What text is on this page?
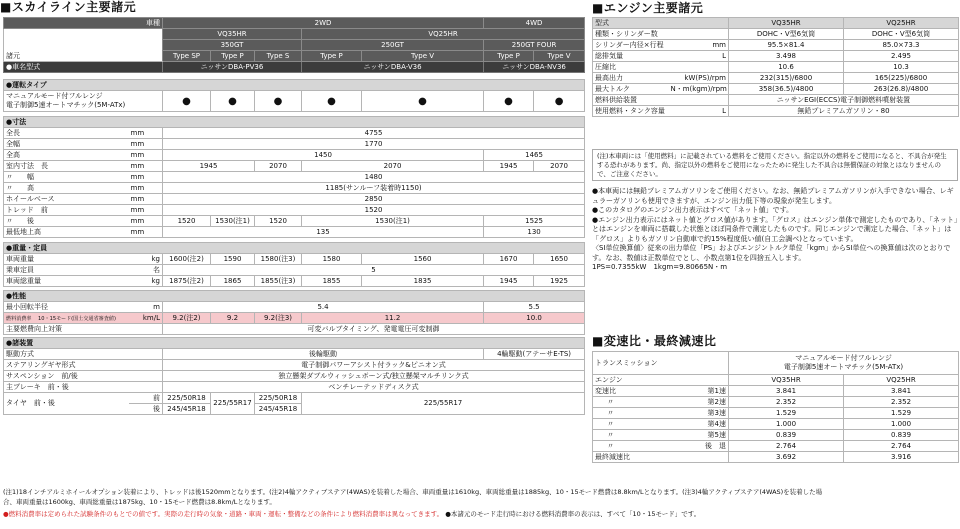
■スカイライン主要諸元
車種		2WD					4WD	
諸元		VQ35HR			VQ25HR			
		350GT			250GT		250GT FOUR	
		Type SP	Type P	Type S	Type P	Type V	Type P	Type V
●車名型式		ニッサンDBA-PV36			ニッサンDBA-V36		ニッサンDBA-NV36	

●運転タイプ								

マニュアルモード付フルレンジ
電子制御5速オートマチック(5M-ATx)		●	●	●	●	●	●	●

●寸法								
全長	mm	4755						
全幅	mm	1770						
全高	mm	1450					1465	
室内寸法　長	mm	1945		2070	2070		1945	2070
〃　　幅	mm	1480						
〃　　高	mm	1185(サンルーフ装着時1150)						
ホイールベース	mm	2850						
トレッド　前	mm	1520						
〃　　後	mm	1520	1530(注1)	1520	1530(注1)		1525	
最低地上高	mm	135					130	

●重量・定員								
車両重量	kg	1600(注2)	1590	1580(注3)	1580	1560	1670	1650
乗車定員	名	5						
車両総重量	kg	1875(注2)	1865	1855(注3)	1855	1835	1945	1925

●性能								
最小回転半径	m	5.4					5.5	
燃料消費率 10・15モード(国土交通省審査値)	km/L	9.2(注2)	9.2	9.2(注3)	11.2		10.0	
主要燃費向上対策		可変バルブタイミング、発電電圧可変制御						

●諸装置								
駆動方式		後輪駆動					4輪駆動(アテーサE-TS)	
ステアリングギヤ形式		電子制御パワーアシスト付ラック&ピニオン式						
サスペンション　前/後		独立懸架ダブルウィッシュボーン式/独立懸架マルチリンク式						
主ブレーキ　前・後		ベンチレーテッドディスク式						
タイヤ　前・後	前	225/50R18	225/55R17	225/50R18	225/55R17			
	後	245/45R18		245/45R18				
■エンジン主要諸元
型式		VQ35HR	VQ25HR
種類・シリンダー数		DOHC・V型6気筒	DOHC・V型6気筒
シリンダー内径×行程	mm	95.5×81.4	85.0×73.3
総排気量	L	3.498	2.495
圧縮比		10.6	10.3
最高出力	kW(PS)/rpm	232(315)/6800	165(225)/6800
最大トルク	N・m(kgm)/rpm	358(36.5)/4800	263(26.8)/4800
燃料供給装置		ニッサンEGI(ECCS)電子制御燃料噴射装置	
使用燃料・タンク容量	L	無鉛プレミアムガソリン・80	
(注)本車両には「使用燃料」に記載されている燃料をご使用ください。指定以外の燃料をご使用になると、不具合が発生する恐れがあります。尚、指定以外の燃料をご使用になったために発生した不具合は無償保証の対象とはなりませんので、ご注意ください。
●本車両には無鉛プレミアムガソリンをご使用ください。なお、無鉛プレミアムガソリンが入手できない場合、レギュラーガソリンも使用できますが、エンジン出力低下等の現象が発生します。
●このカタログのエンジン出力表示はすべて「ネット値」です。
●エンジン出力表示にはネット値とグロス値があります。「グロス」はエンジン単体で測定したものであり、「ネット」とはエンジンを車両に搭載した状態とほぼ同条件で測定したものです。同じエンジンで測定した場合、「ネット」は「グロス」よりもガソリン自動車で約15%程度低い値(自工会調べ)となっています。
〈SI単位換算値〉従来の出力単位「PS」およびエンジントルク単位「kgm」からSI単位への換算値は次のとおりです。なお、数値は正数単位でとし、小数点第1位を四捨五入します。
1PS=0.7355kW　1kgm=9.80665N・m
■変速比・最終減速比
トランスミッション		マニュアルモード付フルレンジ
電子制御5速オートマチック(5M-ATx)	

エンジン		VQ35HR	VQ25HR
変速比	第1速	3.841	3.841
〃	第2速	2.352	2.352
〃	第3速	1.529	1.529
〃	第4速	1.000	1.000
〃	第5速	0.839	0.839
〃	後　退	2.764	2.764
最終減速比		3.692	3.916
(注1)18インチアルミホイールオプション装着により、トレッドは後1520mmとなります。(注2)4輪アクティブステア(4WAS)を装着した場合、車両重量は1610kg、車両総重量は1885kg、10・15モード燃費は8.8km/Lとなります。(注3)4輪アクティブステア(4WAS)を装着した場
合、車両重量は1600kg、車両総重量は1875kg、10・15モード燃費は8.8km/Lとなります。
●燃料消費率は定められた試験条件のもとでの値です。実際の走行時の気象・道路・車両・運転・整備などの条件により燃料消費率は異なってきます。 ●本諸元のモード走行時における燃料消費率の表示は、すべて「10・15モード」です。
